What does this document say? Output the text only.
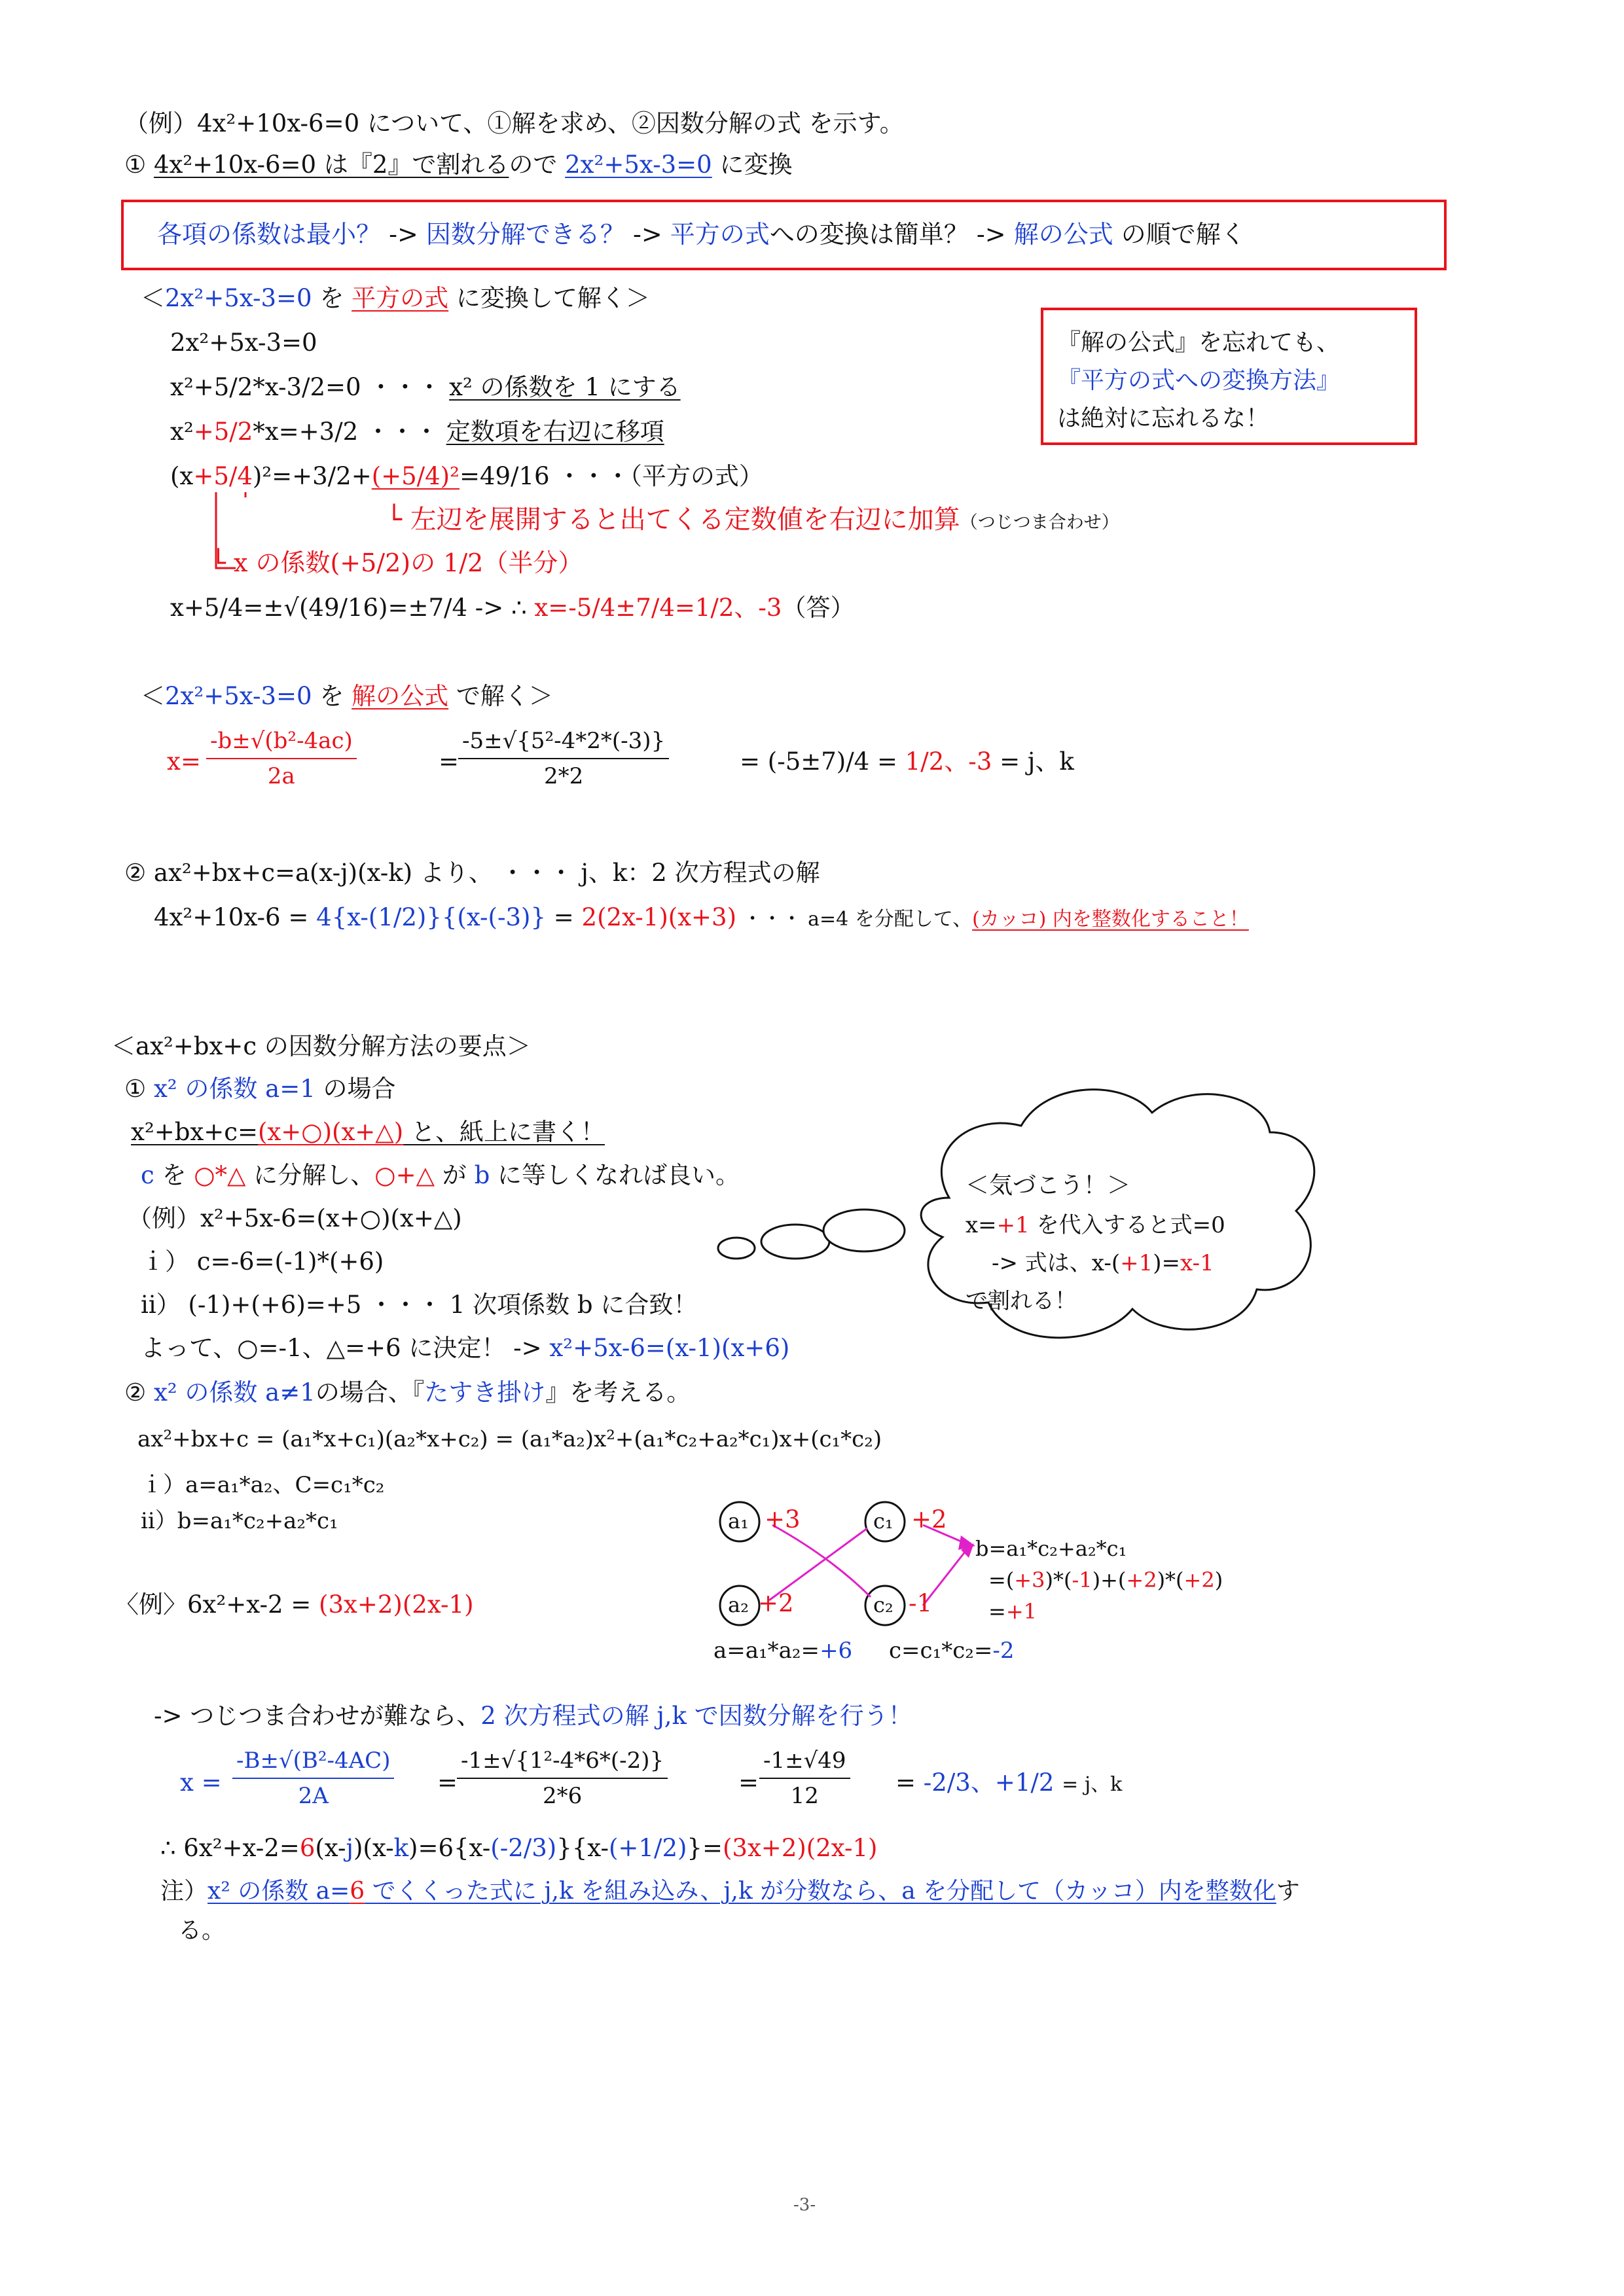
（例）4x²+10x-6=0 について、①解を求め、②因数分解の式 を示す。
① 4x²+10x-6=0 は『2』で割れるので 2x²+5x-3=0 に変換
各項の係数は最小？ -> 因数分解できる？ -> 平方の式への変換は簡単？ -> 解の公式 の順で解く
＜2x²+5x-3=0 を 平方の式 に変換して解く＞
『解の公式』を忘れても、
『平方の式への変換方法』
は絶対に忘れるな！
2x²+5x-3=0
x²+5/2*x-3/2=0 ・・・ x² の係数を 1 にする
x²+5/2*x=+3/2 ・・・ 定数項を右辺に移項
(x+5/4)²=+3/2+(+5/4)²=49/16 ・・・（平方の式）
└ 左辺を展開すると出てくる定数値を右辺に加算（つじつま合わせ）
└ x の係数(+5/2)の 1/2（半分）
x+5/4=±√(49/16)=±7/4 -> ∴ x=-5/4±7/4=1/2、-3（答）
＜2x²+5x-3=0 を 解の公式 で解く＞
$x= \frac{\text{-b±√(b²-4ac)}}{2a}$	=
$\frac{\text{-5±√\{5²-4*2*(-3)\}}}{2*2}$	= (-5±7)/4 = 1/2、-3 = j、k
② ax²+bx+c=a(x-j)(x-k) より、 ・・・ j、k：2 次方程式の解
4x²+10x-6 = 4{x-(1/2)}{(x-(-3)} = 2(2x-1)(x+3) ・・・ a=4 を分配して、(カッコ) 内を整数化すること！
＜ax²+bx+c の因数分解方法の要点＞
① x² の係数 a=1 の場合
x²+bx+c=(x+○)(x+△) と、紙上に書く！
c を ○*△ に分解し、○+△ が b に等しくなれば良い。
（例）x²+5x-6=(x+○)(x+△)
ｉ） c=-6=(-1)*(+6)
ⅱ） (-1)+(+6)=+5 ・・・ 1 次項係数 b に合致！
よって、○=-1、△=+6 に決定！ -> x²+5x-6=(x-1)(x+6)
＜気づこう！＞
x=+1 を代入すると式=0
-> 式は、x-(+1)=x-1
で割れる！
② x² の係数 a≠1の場合、『たすき掛け』を考える。
ax²+bx+c = (a₁*x+c₁)(a₂*x+c₂) = (a₁*a₂)x²+(a₁*c₂+a₂*c₁)x+(c₁*c₂)
ｉ）a=a₁*a₂、C=c₁*c₂
ⅱ）b=a₁*c₂+a₂*c₁
〈例〉6x²+x-2 = (3x+2)(2x-1)
a₁ +3	c₁ +2
a₂ +2	c₂ -1
b=a₁*c₂+a₂*c₁
=(+3)*(-1)+(+2)*(+2)
=+1
a=a₁*a₂=+6 c=c₁*c₂=-2
-> つじつま合わせが難なら、2 次方程式の解 j,k で因数分解を行う！
$x = \frac{\text{-B±√(B²-4AC)}}{2A}$ =
$\frac{\text{-1±√\{1²-4*6*(-2)\}}}{2*6}$	= $\frac{-1\pm√49}{12} = -2/3$、+1/2 = j、k
∴ 6x²+x-2=6(x-j)(x-k)=6{x-(-2/3)}{x-(+1/2)}=(3x+2)(2x-1)
注）x² の係数 a=6 でくくった式に j,k を組み込み、j,k が分数なら、a を分配して（カッコ）内を整数化す
る。
-3-
